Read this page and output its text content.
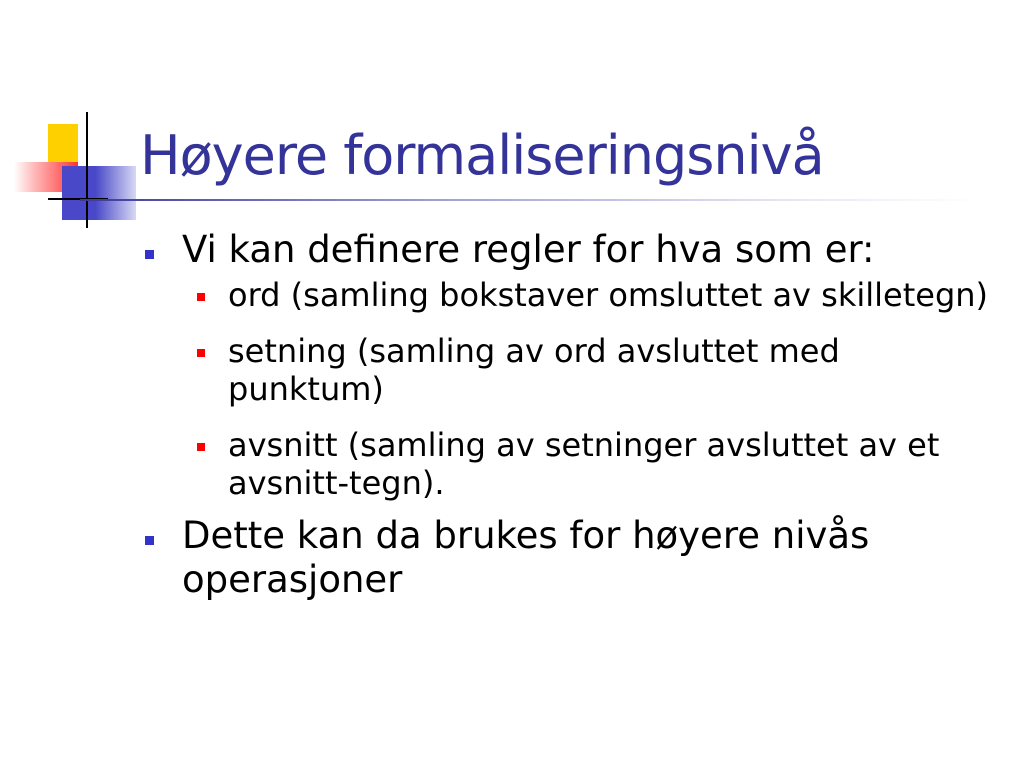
Høyere formaliseringsnivå
Vi kan definere regler for hva som er:
ord (samling bokstaver omsluttet av skilletegn)
setning (samling av ord avsluttet med punktum)
avsnitt (samling av setninger avsluttet av et avsnitt-tegn).
Dette kan da brukes for høyere nivås operasjoner
